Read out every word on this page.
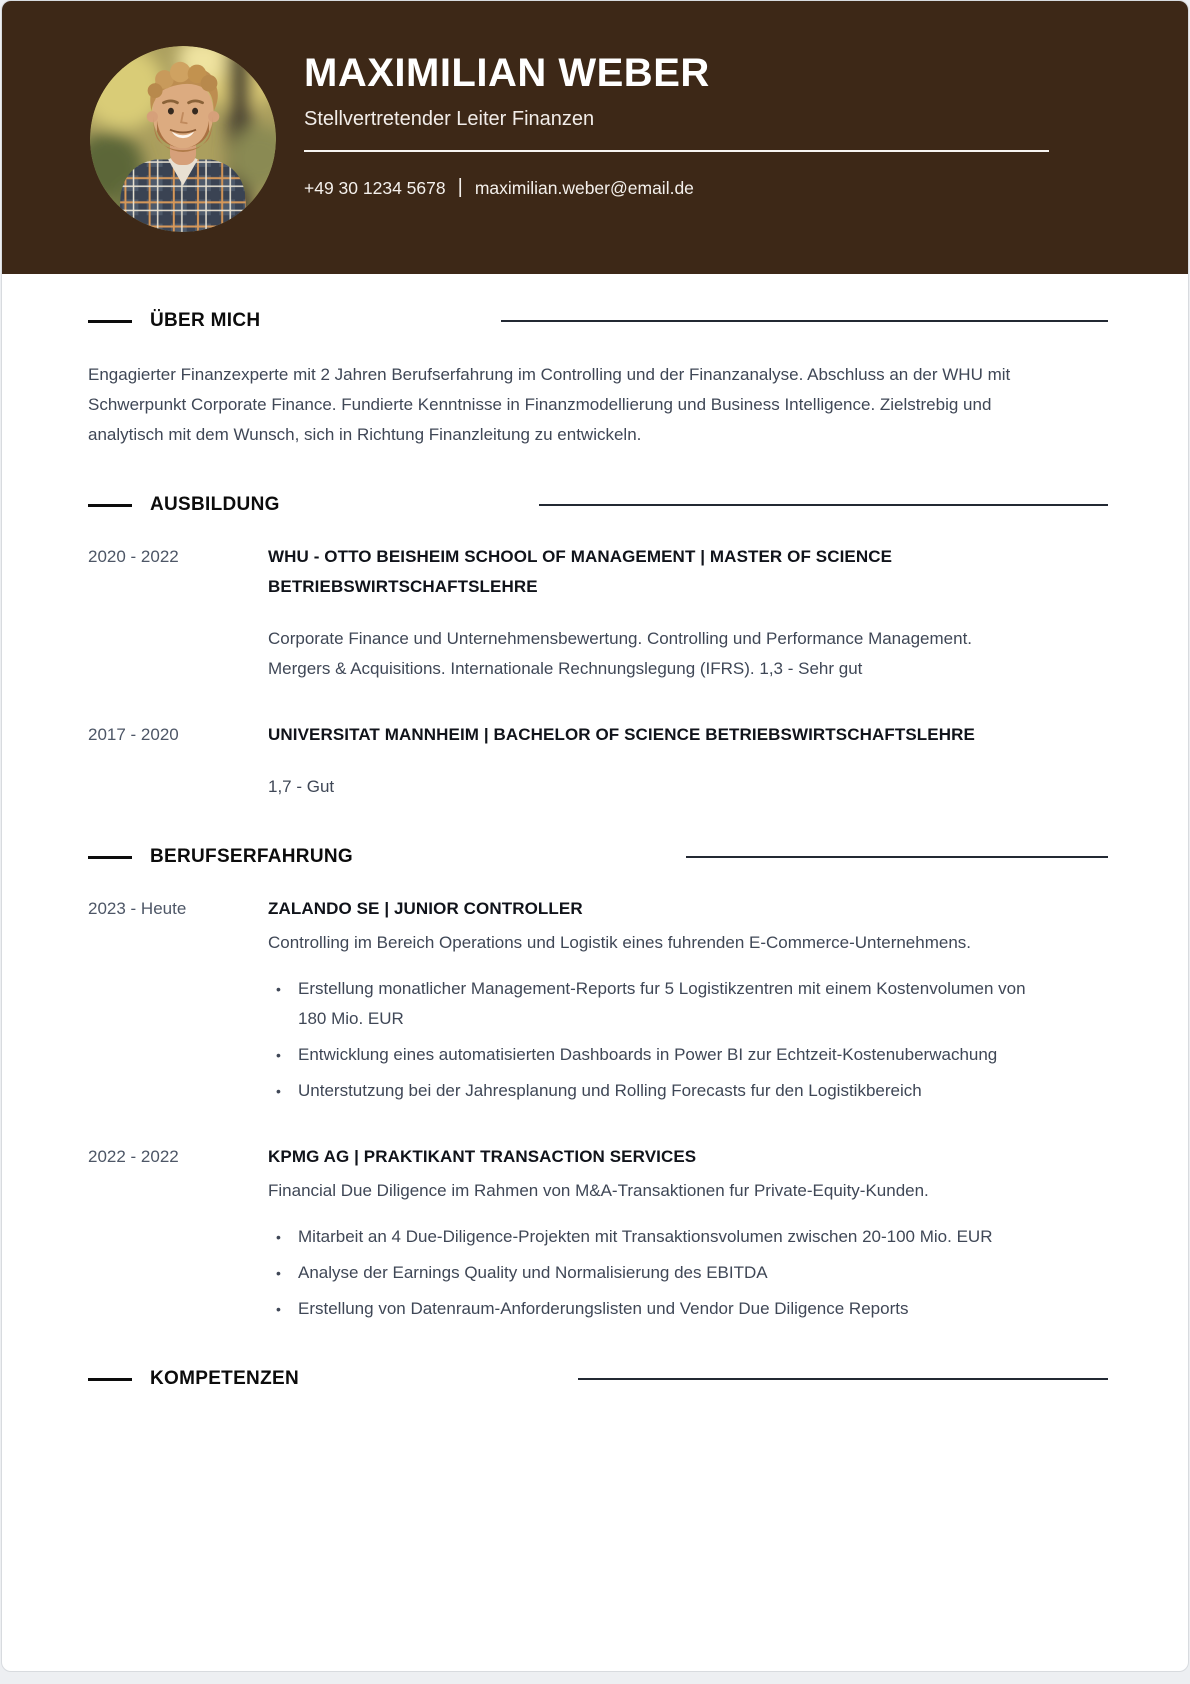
MAXIMILIAN WEBER
Stellvertretender Leiter Finanzen
+49 30 1234 5678 | maximilian.weber@email.de
ÜBER MICH

Engagierter Finanzexperte mit 2 Jahren Berufserfahrung im Controlling und der Finanzanalyse. Abschluss an der WHU mit Schwerpunkt Corporate Finance. Fundierte Kenntnisse in Finanzmodellierung und Business Intelligence. Zielstrebig und analytisch mit dem Wunsch, sich in Richtung Finanzleitung zu entwickeln.

AUSBILDUNG
2020 - 2022	WHU - OTTO BEISHEIM SCHOOL OF MANAGEMENT | MASTER OF SCIENCE BETRIEBSWIRTSCHAFTSLEHRE
Corporate Finance und Unternehmensbewertung. Controlling und Performance Management. Mergers & Acquisitions. Internationale Rechnungslegung (IFRS). 1,3 - Sehr gut
2017 - 2020	UNIVERSITAT MANNHEIM | BACHELOR OF SCIENCE BETRIEBSWIRTSCHAFTSLEHRE
1,7 - Gut
BERUFSERFAHRUNG
2023 - Heute	ZALANDO SE | JUNIOR CONTROLLER
Controlling im Bereich Operations und Logistik eines fuhrenden E-Commerce-Unternehmens.
•	Erstellung monatlicher Management-Reports fur 5 Logistikzentren mit einem Kostenvolumen von 180 Mio. EUR
•	Entwicklung eines automatisierten Dashboards in Power BI zur Echtzeit-Kostenuberwachung
•	Unterstutzung bei der Jahresplanung und Rolling Forecasts fur den Logistikbereich
2022 - 2022	KPMG AG | PRAKTIKANT TRANSACTION SERVICES
Financial Due Diligence im Rahmen von M&A-Transaktionen fur Private-Equity-Kunden.
•	Mitarbeit an 4 Due-Diligence-Projekten mit Transaktionsvolumen zwischen 20-100 Mio. EUR
•	Analyse der Earnings Quality und Normalisierung des EBITDA
•	Erstellung von Datenraum-Anforderungslisten und Vendor Due Diligence Reports
KOMPETENZEN
